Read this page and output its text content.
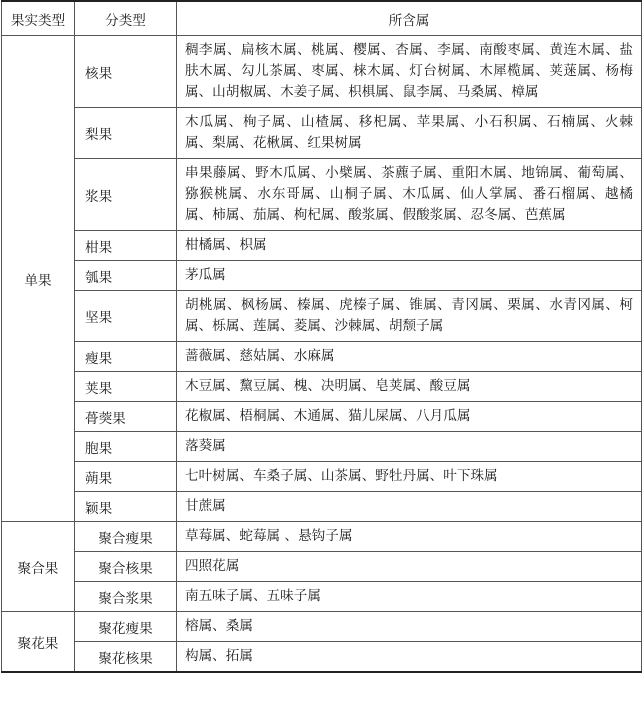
果实类型	分类型	所含属
单果	核果	稠李属、扁核木属、桃属、樱属、杏属、李属、南酸枣属、黄连木属、盐肤木属、勾儿茶属、枣属、梾木属、灯台树属、木犀榄属、荚蒾属、杨梅属、山胡椒属、木姜子属、枳椇属、鼠李属、马桑属、樟属
	梨果	木瓜属、栒子属、山楂属、移𣏌属、苹果属、小石积属、石楠属、火棘属、梨属、花楸属、红果树属
	浆果	串果藤属、野木瓜属、小檗属、茶藨子属、重阳木属、地锦属、葡萄属、猕猴桃属、水东哥属、山桐子属、木瓜属、仙人掌属、番石榴属、越橘属、柿属、茄属、枸杞属、酸浆属、假酸浆属、忍冬属、芭蕉属
	柑果	柑橘属、枳属
	瓠果	茅瓜属
	坚果	胡桃属、枫杨属、榛属、虎榛子属、锥属、青冈属、栗属、水青冈属、柯属、栎属、莲属、菱属、沙棘属、胡颓子属
	瘦果	蔷薇属、慈姑属、水麻属
	荚果	木豆属、黧豆属、槐、决明属、皂荚属、酸豆属
	蓇葖果	花椒属、梧桐属、木通属、猫儿屎属、八月瓜属
	胞果	落葵属
	蒴果	七叶树属、车桑子属、山茶属、野牡丹属、叶下珠属
	颖果	甘蔗属
聚合果	聚合瘦果	草莓属、蛇莓属 、悬钩子属
	聚合核果	四照花属
	聚合浆果	南五味子属、五味子属
聚花果	聚花瘦果	榕属、桑属
	聚花核果	构属、拓属
